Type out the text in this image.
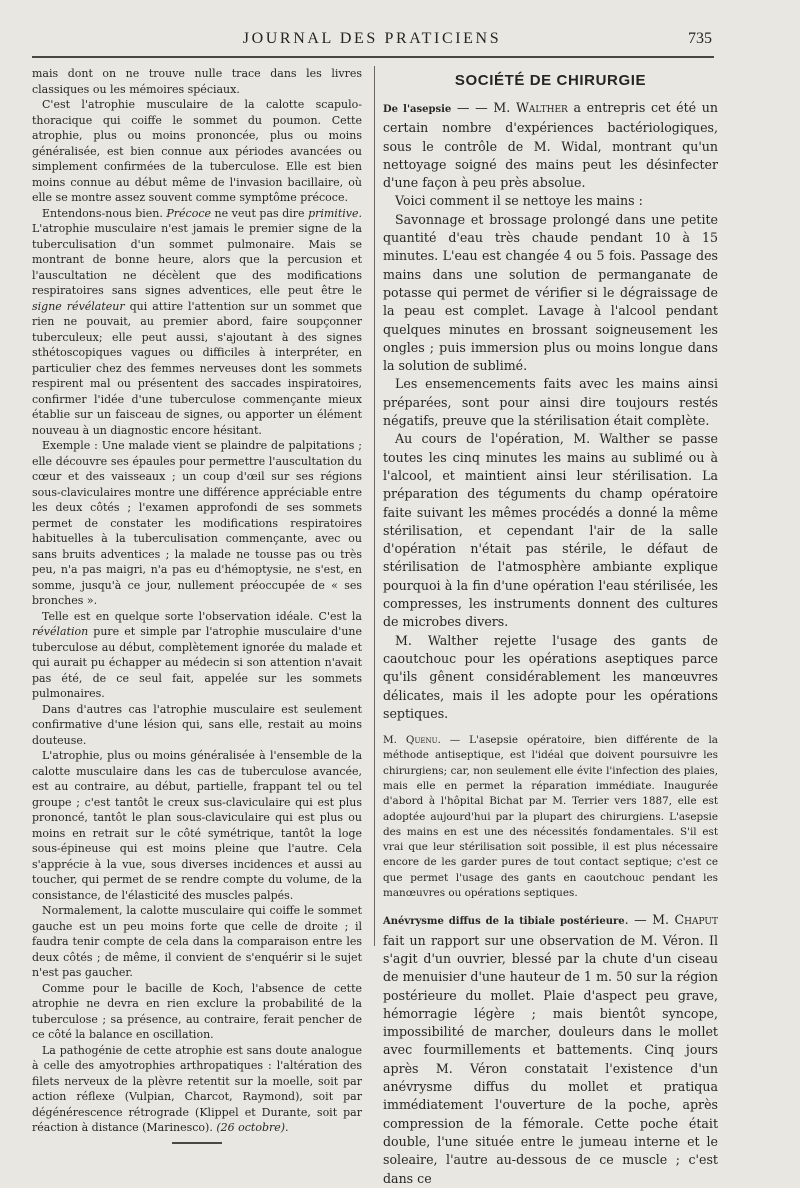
JOURNAL DES PRATICIENS	735

mais dont on ne trouve nulle trace dans les livres classiques ou les mémoires spéciaux.

C'est l'atrophie musculaire de la calotte scapulo-thoracique qui coiffe le sommet du poumon. Cette atrophie, plus ou moins prononcée, plus ou moins généralisée, est bien connue aux périodes avancées ou simplement confirmées de la tuberculose. Elle est bien moins connue au début même de l'invasion bacillaire, où elle se montre assez souvent comme symptôme précoce.

Entendons-nous bien. Précoce ne veut pas dire primitive. L'atrophie musculaire n'est jamais le premier signe de la tuberculisation d'un sommet pulmonaire. Mais se montrant de bonne heure, alors que la percusion et l'auscultation ne décèlent que des modifications respiratoires sans signes adventices, elle peut être le signe révélateur qui attire l'attention sur un sommet que rien ne pouvait, au premier abord, faire soupçonner tuberculeux; elle peut aussi, s'ajoutant à des signes sthétoscopiques vagues ou difficiles à interpréter, en particulier chez des femmes nerveuses dont les sommets respirent mal ou présentent des saccades inspiratoires, confirmer l'idée d'une tuberculose commençante mieux établie sur un faisceau de signes, ou apporter un élément nouveau à un diagnostic encore hésitant.

Exemple : Une malade vient se plaindre de palpitations ; elle découvre ses épaules pour permettre l'auscultation du cœur et des vaisseaux ; un coup d'œil sur ses régions sous-claviculaires montre une différence appréciable entre les deux côtés ; l'examen approfondi de ses sommets permet de constater les modifications respiratoires habituelles à la tuberculisation commençante, avec ou sans bruits adventices ; la malade ne tousse pas ou très peu, n'a pas maigri, n'a pas eu d'hémoptysie, ne s'est, en somme, jusqu'à ce jour, nullement préoccupée de « ses bronches ».

Telle est en quelque sorte l'observation idéale. C'est la révélation pure et simple par l'atrophie musculaire d'une tuberculose au début, complètement ignorée du malade et qui aurait pu échapper au médecin si son attention n'avait pas été, de ce seul fait, appelée sur les sommets pulmonaires.

Dans d'autres cas l'atrophie musculaire est seulement confirmative d'une lésion qui, sans elle, restait au moins douteuse.

L'atrophie, plus ou moins généralisée à l'ensemble de la calotte musculaire dans les cas de tuberculose avancée, est au contraire, au début, partielle, frappant tel ou tel groupe ; c'est tantôt le creux sus-claviculaire qui est plus prononcé, tantôt le plan sous-claviculaire qui est plus ou moins en retrait sur le côté symétrique, tantôt la loge sous-épineuse qui est moins pleine que l'autre. Cela s'apprécie à la vue, sous diverses incidences et aussi au toucher, qui permet de se rendre compte du volume, de la consistance, de l'élasticité des muscles palpés.

Normalement, la calotte musculaire qui coiffe le sommet gauche est un peu moins forte que celle de droite ; il faudra tenir compte de cela dans la comparaison entre les deux côtés ; de même, il convient de s'enquérir si le sujet n'est pas gaucher.

Comme pour le bacille de Koch, l'absence de cette atrophie ne devra en rien exclure la probabilité de la tuberculose ; sa présence, au contraire, ferait pencher de ce côté la balance en oscillation.

La pathogénie de cette atrophie est sans doute analogue à celle des amyotrophies arthropatiques : l'altération des filets nerveux de la plèvre retentit sur la moelle, soit par action réflexe (Vulpian, Charcot, Raymond), soit par dégénérescence rétrograde (Klippel et Durante, soit par réaction à distance (Marinesco). (26 octobre).

SOCIÉTÉ DE CHIRURGIE

De l'asepsie — — M. Walther a entrepris cet été un certain nombre d'expériences bactériologiques, sous le contrôle de M. Widal, montrant qu'un nettoyage soigné des mains peut les désinfecter d'une façon à peu près absolue.

Voici comment il se nettoye les mains :

Savonnage et brossage prolongé dans une petite quantité d'eau très chaude pendant 10 à 15 minutes. L'eau est changée 4 ou 5 fois. Passage des mains dans une solution de permanganate de potasse qui permet de vérifier si le dégraissage de la peau est complet. Lavage à l'alcool pendant quelques minutes en brossant soigneusement les ongles ; puis immersion plus ou moins longue dans la solution de sublimé.

Les ensemencements faits avec les mains ainsi préparées, sont pour ainsi dire toujours restés négatifs, preuve que la stérilisation était complète.

Au cours de l'opération, M. Walther se passe toutes les cinq minutes les mains au sublimé ou à l'alcool, et maintient ainsi leur stérilisation. La préparation des téguments du champ opératoire faite suivant les mêmes procédés a donné la même stérilisation, et cependant l'air de la salle d'opération n'était pas stérile, le défaut de stérilisation de l'atmosphère ambiante explique pourquoi à la fin d'une opération l'eau stérilisée, les compresses, les instruments donnent des cultures de microbes divers.

M. Walther rejette l'usage des gants de caoutchouc pour les opérations aseptiques parce qu'ils gênent considérablement les manœuvres délicates, mais il les adopte pour les opérations septiques.

M. Quenu. — L'asepsie opératoire, bien différente de la méthode antiseptique, est l'idéal que doivent poursuivre les chirurgiens; car, non seulement elle évite l'infection des plaies, mais elle en permet la réparation immédiate. Inaugurée d'abord à l'hôpital Bichat par M. Terrier vers 1887, elle est adoptée aujourd'hui par la plupart des chirurgiens. L'asepsie des mains en est une des nécessités fondamentales. S'il est vrai que leur stérilisation soit possible, il est plus nécessaire encore de les garder pures de tout contact septique; c'est ce que permet l'usage des gants en caoutchouc pendant les manœuvres ou opérations septiques.

Anévrysme diffus de la tibiale postérieure. — M. Chaput fait un rapport sur une observation de M. Véron. Il s'agit d'un ouvrier, blessé par la chute d'un ciseau de menuisier d'une hauteur de 1 m. 50 sur la région postérieure du mollet. Plaie d'aspect peu grave, hémorragie légère ; mais bientôt syncope, impossibilité de marcher, douleurs dans le mollet avec fourmillements et battements. Cinq jours après M. Véron constatait l'existence d'un anévrysme diffus du mollet et pratiqua immédiatement l'ouverture de la poche, après compression de la fémorale. Cette poche était double, l'une située entre le jumeau interne et le soleaire, l'autre au-dessous de ce muscle ; c'est dans ce
